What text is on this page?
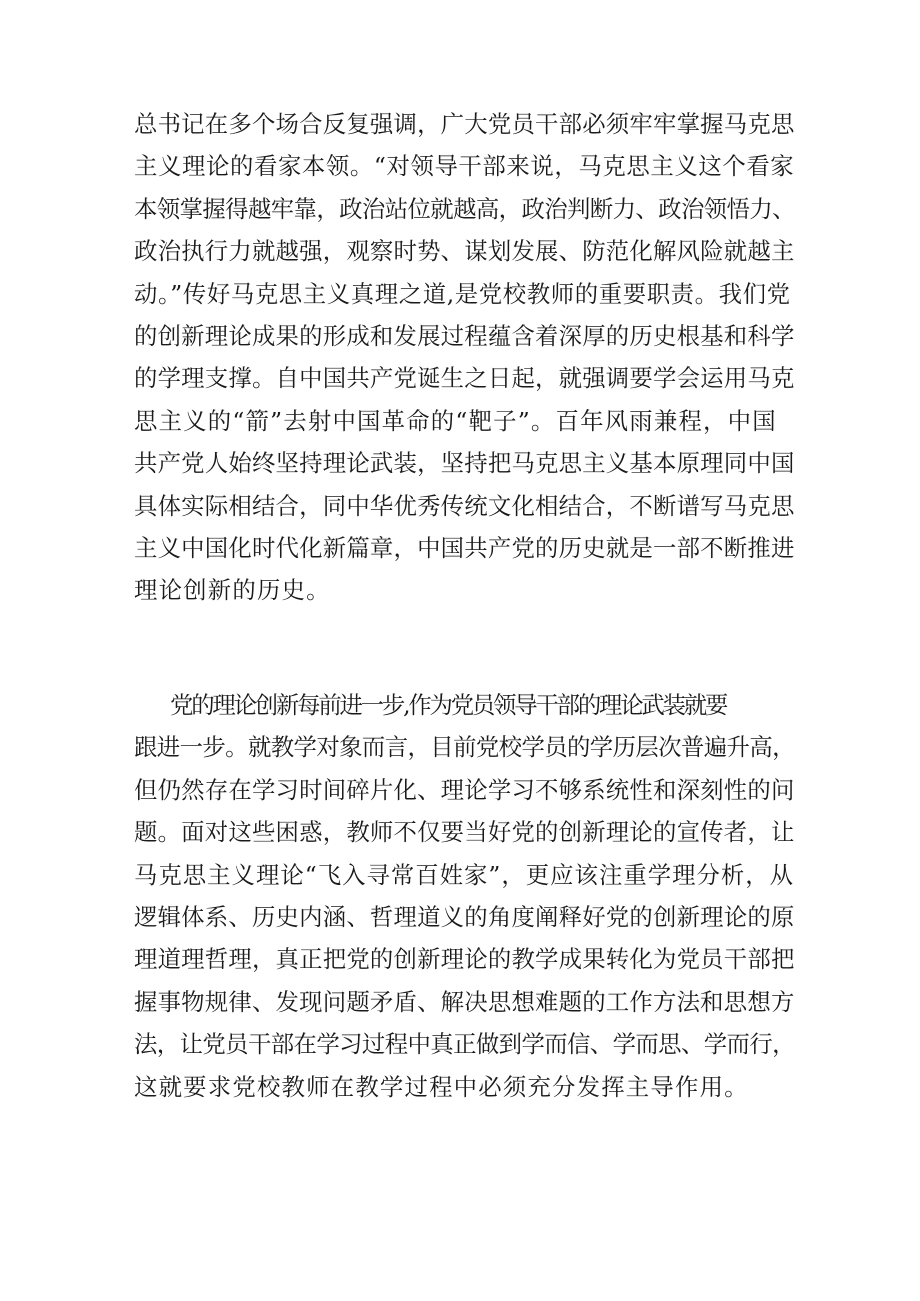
总书记在多个场合反复强调，广大党员干部必须牢牢掌握马克思
主义理论的看家本领。“对领导干部来说，马克思主义这个看家
本领掌握得越牢靠，政治站位就越高，政治判断力、政治领悟力、
政治执行力就越强，观察时势、谋划发展、防范化解风险就越主
动。”传好马克思主义真理之道,是党校教师的重要职责。我们党
的创新理论成果的形成和发展过程蕴含着深厚的历史根基和科学
的学理支撑。自中国共产党诞生之日起，就强调要学会运用马克
思主义的“箭”去射中国革命的“靶子”。百年风雨兼程，中国
共产党人始终坚持理论武装，坚持把马克思主义基本原理同中国
具体实际相结合，同中华优秀传统文化相结合，不断谱写马克思
主义中国化时代化新篇章，中国共产党的历史就是一部不断推进
理论创新的历史。

党的理论创新每前进一步,作为党员领导干部的理论武装就要
跟进一步。就教学对象而言，目前党校学员的学历层次普遍升高，
但仍然存在学习时间碎片化、理论学习不够系统性和深刻性的问
题。面对这些困惑，教师不仅要当好党的创新理论的宣传者，让
马克思主义理论“飞入寻常百姓家”，更应该注重学理分析，从
逻辑体系、历史内涵、哲理道义的角度阐释好党的创新理论的原
理道理哲理，真正把党的创新理论的教学成果转化为党员干部把
握事物规律、发现问题矛盾、解决思想难题的工作方法和思想方
法，让党员干部在学习过程中真正做到学而信、学而思、学而行，
这就要求党校教师在教学过程中必须充分发挥主导作用。
